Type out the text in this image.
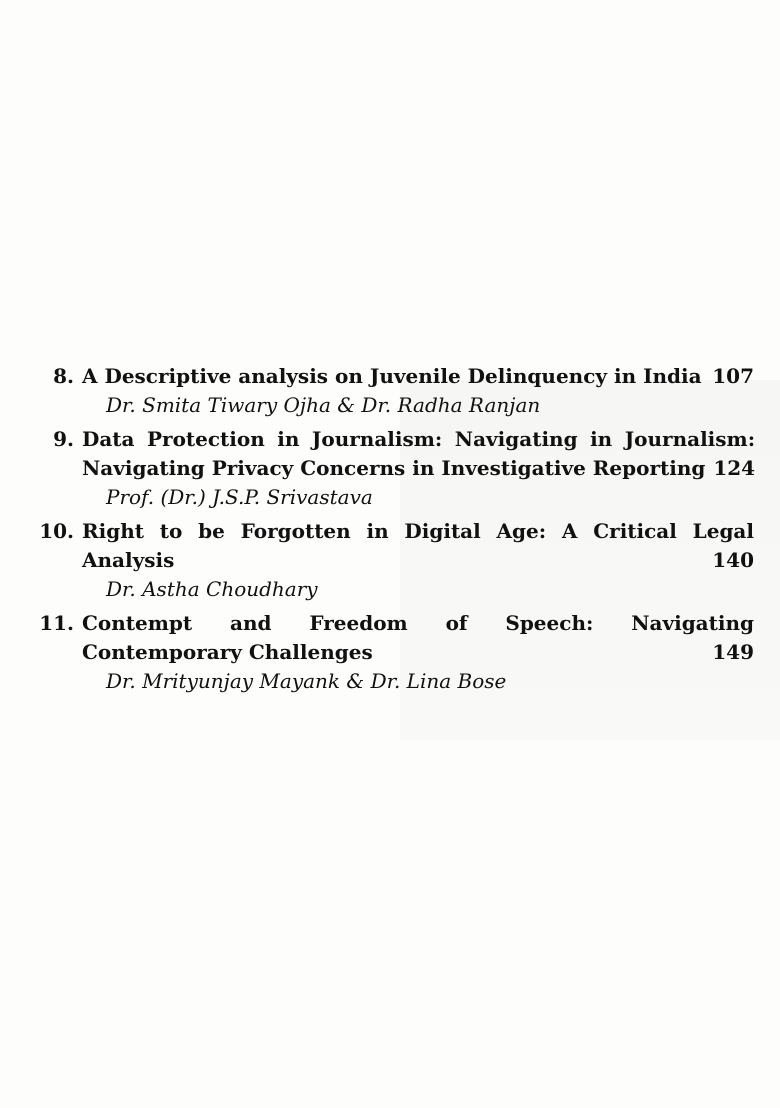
8. A Descriptive analysis on Juvenile Delinquency in India 107
Dr. Smita Tiwary Ojha & Dr. Radha Ranjan
9. Data Protection in Journalism: Navigating in Journalism:
Navigating Privacy Concerns in Investigative Reporting 124
Prof. (Dr.) J.S.P. Srivastava
10. Right to be Forgotten in Digital Age: A Critical Legal
Analysis	140
Dr. Astha Choudhary
11. Contempt and Freedom of Speech: Navigating
Contemporary Challenges	149
Dr. Mrityunjay Mayank & Dr. Lina Bose
